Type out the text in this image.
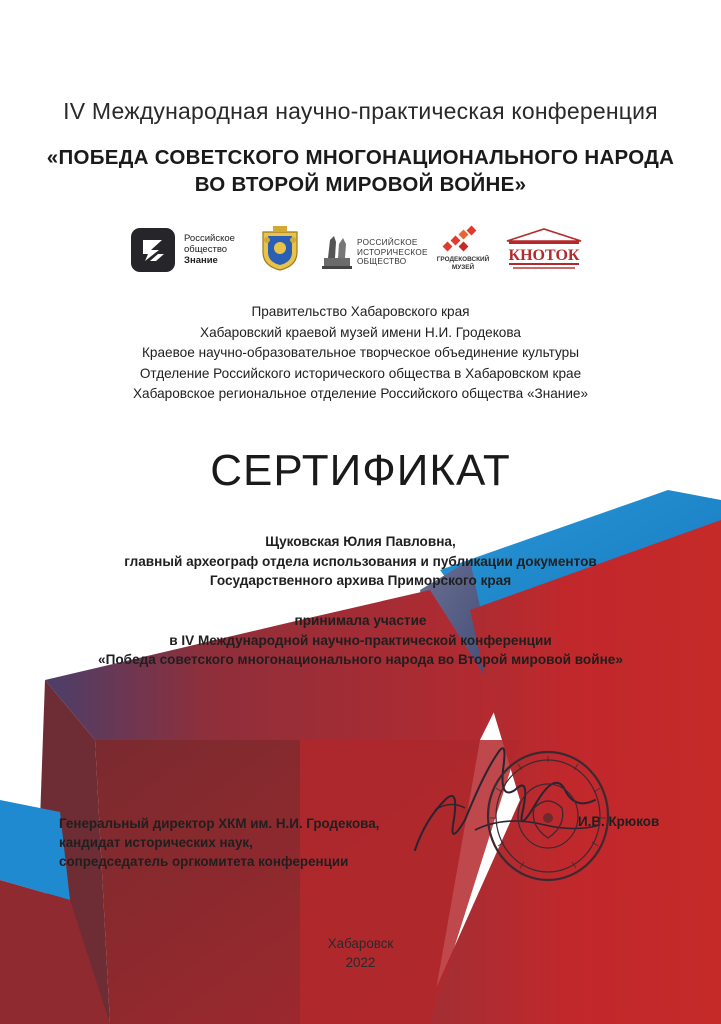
IV Международная научно-практическая конференция
«ПОБЕДА СОВЕТСКОГО МНОГОНАЦИОНАЛЬНОГО НАРОДА
ВО ВТОРОЙ МИРОВОЙ ВОЙНЕ»
Российское
общество
Знание
РОССИЙСКОЕ
ИСТОРИЧЕСКОЕ
ОБЩЕСТВО	ГРОДЕКОВСКИЙ
МУЗЕЙ
КНОТОК
Правительство Хабаровского края
Хабаровский краевой музей имени Н.И. Гродекова
Краевое научно-образовательное творческое объединение культуры
Отделение Российского исторического общества в Хабаровском крае
Хабаровское региональное отделение Российского общества «Знание»
СЕРТИФИКАТ
Щуковская Юлия Павловна,
главный археограф отдела использования и публикации документов
Государственного архива Приморского края
принимала участие
в IV Международной научно-практической конференции
«Победа советского многонационального народа во Второй мировой войне»
Генеральный директор ХКМ им. Н.И. Гродекова,
кандидат исторических наук,
сопредседатель оргкомитета конференции
И.В. Крюков
Хабаровск
2022
